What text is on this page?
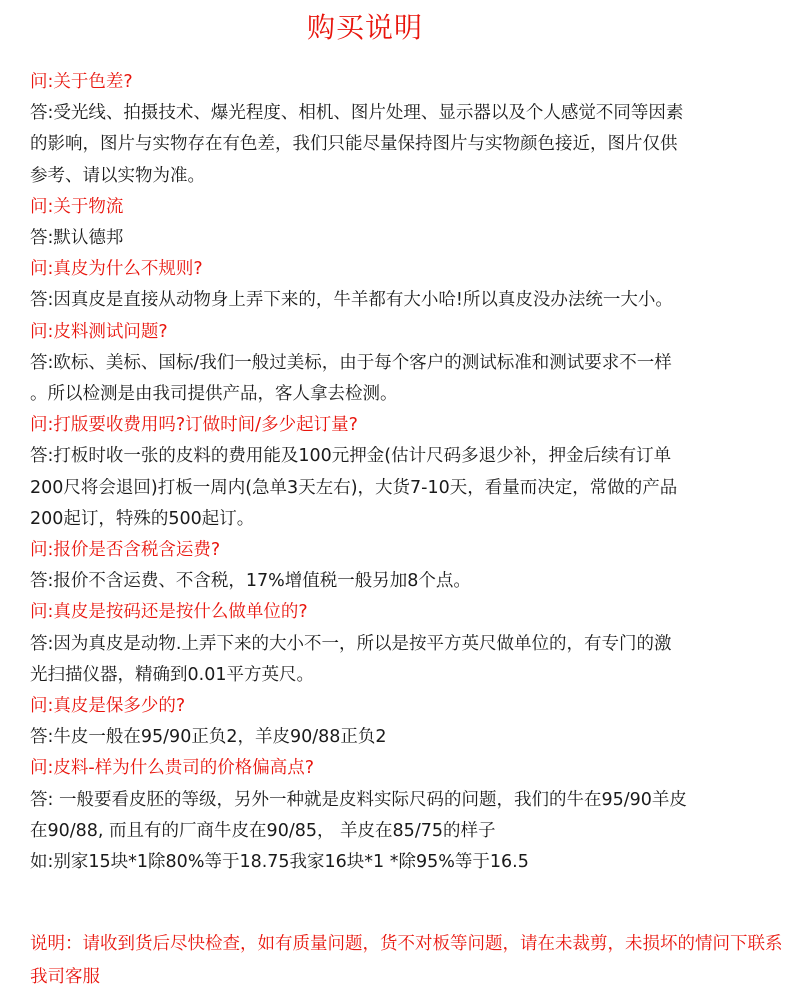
购买说明
问:关于色差?
答:受光线、拍摄技术、爆光程度、相机、图片处理、显示器以及个人感觉不同等因素
的影响，图片与实物存在有色差，我们只能尽量保持图片与实物颜色接近，图片仅供
参考、请以实物为准。
问:关于物流
答:默认德邦
问:真皮为什么不规则?
答:因真皮是直接从动物身上弄下来的，牛羊都有大小哈!所以真皮没办法统一大小。
问:皮料测试问题?
答:欧标、美标、国标/我们一般过美标，由于每个客户的测试标准和测试要求不一样
。所以检测是由我司提供产品，客人拿去检测。
问:打版要收费用吗?订做时间/多少起订量?
答:打板时收一张的皮料的费用能及100元押金(估计尺码多退少补，押金后续有订单
200尺将会退回)打板一周内(急单3天左右)，大货7-10天，看量而决定，常做的产品
200起订，特殊的500起订。
问:报价是否含税含运费?
答:报价不含运费、不含税，17%增值税一般另加8个点。
问:真皮是按码还是按什么做单位的?
答:因为真皮是动物.上弄下来的大小不一，所以是按平方英尺做单位的，有专门的激
光扫描仪器，精确到0.01平方英尺。
问:真皮是保多少的?
答:牛皮一般在95/90正负2，羊皮90/88正负2
问:皮料-样为什么贵司的价格偏高点?
答: 一般要看皮胚的等级，另外一种就是皮料实际尺码的问题，我们的牛在95/90羊皮
在90/88, 而且有的厂商牛皮在90/85， 羊皮在85/75的样子
如:别家15块*1除80%等于18.75我家16块*1 *除95%等于16.5
说明：请收到货后尽快检查，如有质量问题，货不对板等问题，请在未裁剪，未损坏的情问下联系我司客服
